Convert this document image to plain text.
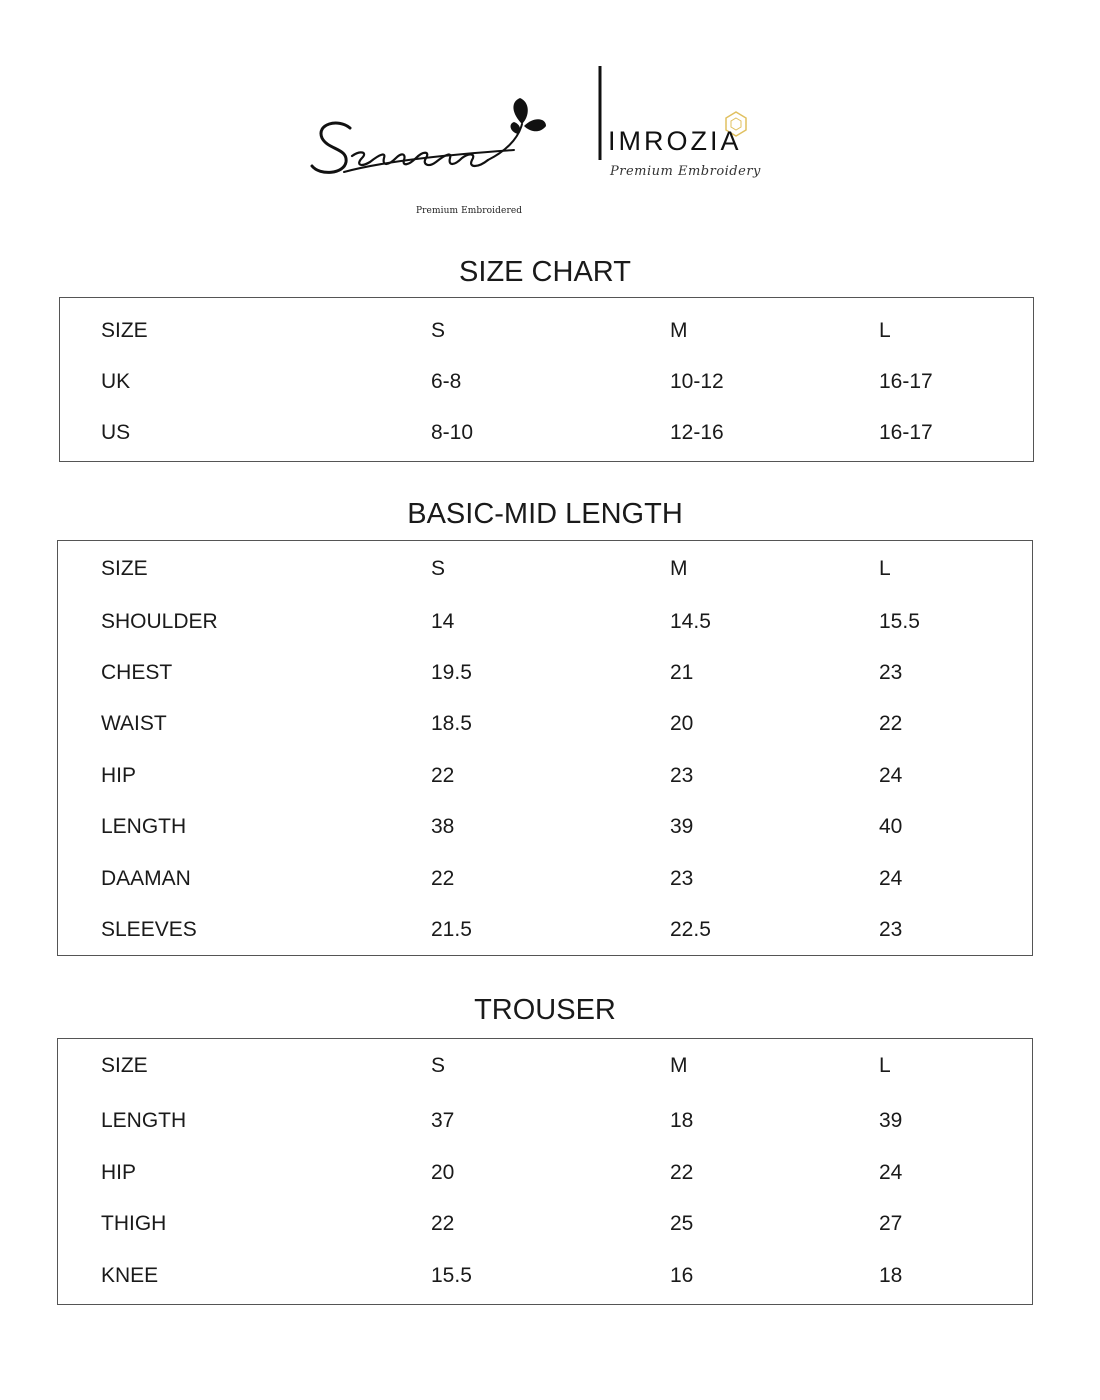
Premium Embroidered
IMROZIA
Premium Embroidery
SIZE CHART
SIZE	S	M	L
UK	6-8	10-12	16-17
US	8-10	12-16	16-17
BASIC-MID LENGTH
SIZE	S	M	L
SHOULDER	14	14.5	15.5
CHEST	19.5	21	23
WAIST	18.5	20	22
HIP	22	23	24
LENGTH	38	39	40
DAAMAN	22	23	24
SLEEVES	21.5	22.5	23
TROUSER
SIZE	S	M	L
LENGTH	37	18	39
HIP	20	22	24
THIGH	22	25	27
KNEE	15.5	16	18
